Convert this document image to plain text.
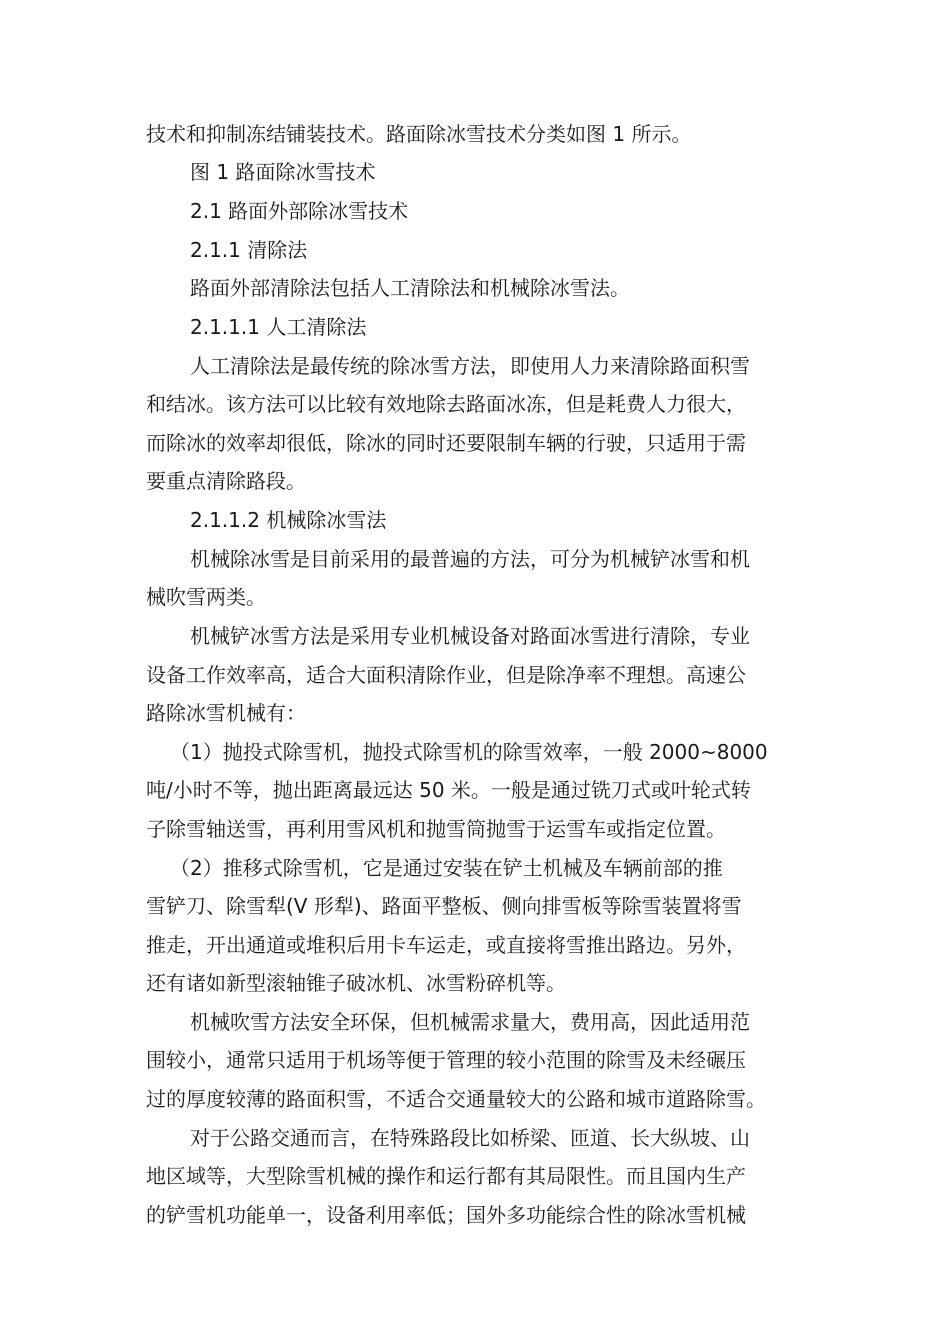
技术和抑制冻结铺装技术。路面除冰雪技术分类如图 1 所示。
图 1 路面除冰雪技术
2.1 路面外部除冰雪技术
2.1.1 清除法
路面外部清除法包括人工清除法和机械除冰雪法。
2.1.1.1 人工清除法
人工清除法是最传统的除冰雪方法，即使用人力来清除路面积雪
和结冰。该方法可以比较有效地除去路面冰冻，但是耗费人力很大，
而除冰的效率却很低，除冰的同时还要限制车辆的行驶，只适用于需
要重点清除路段。
2.1.1.2 机械除冰雪法
机械除冰雪是目前采用的最普遍的方法，可分为机械铲冰雪和机
械吹雪两类。
机械铲冰雪方法是采用专业机械设备对路面冰雪进行清除，专业
设备工作效率高，适合大面积清除作业，但是除净率不理想。高速公
路除冰雪机械有：
（1）抛投式除雪机，抛投式除雪机的除雪效率，一般 2000~8000
吨/小时不等，抛出距离最远达 50 米。一般是通过铣刀式或叶轮式转
子除雪轴送雪，再利用雪风机和抛雪筒抛雪于运雪车或指定位置。
（2）推移式除雪机，它是通过安装在铲土机械及车辆前部的推
雪铲刀、除雪犁(V 形犁)、路面平整板、侧向排雪板等除雪装置将雪
推走，开出通道或堆积后用卡车运走，或直接将雪推出路边。另外，
还有诸如新型滚轴锥子破冰机、冰雪粉碎机等。
机械吹雪方法安全环保，但机械需求量大，费用高，因此适用范
围较小，通常只适用于机场等便于管理的较小范围的除雪及未经碾压
过的厚度较薄的路面积雪，不适合交通量较大的公路和城市道路除雪。
对于公路交通而言，在特殊路段比如桥梁、匝道、长大纵坡、山
地区域等，大型除雪机械的操作和运行都有其局限性。而且国内生产
的铲雪机功能单一，设备利用率低；国外多功能综合性的除冰雪机械
